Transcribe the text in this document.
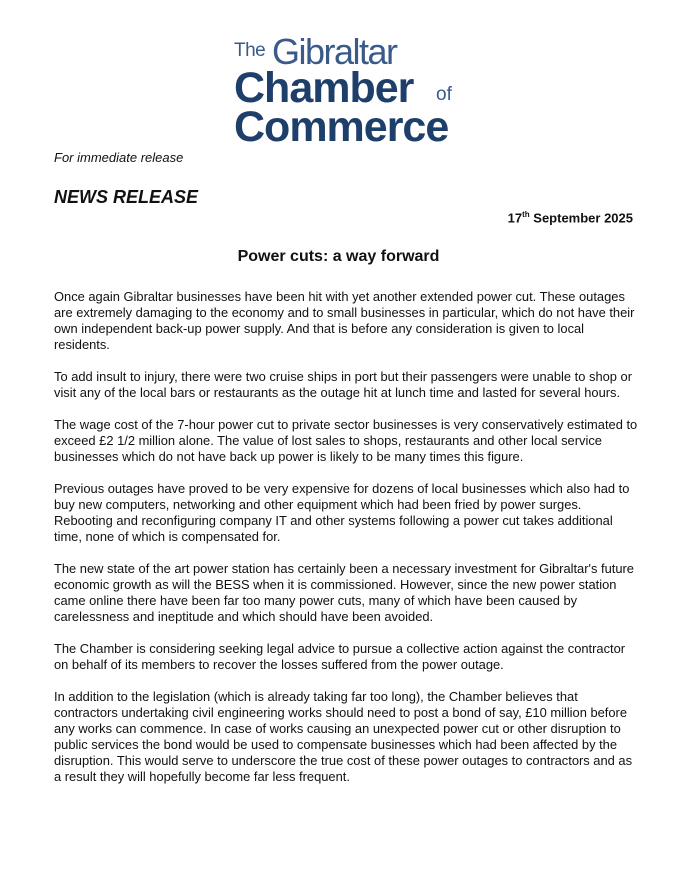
The Gibraltar
Chamber of
Commerce
For immediate release
NEWS RELEASE
17th September 2025
Power cuts: a way forward

Once again Gibraltar businesses have been hit with yet another extended power cut. These outages are extremely damaging to the economy and to small businesses in particular, which do not have their own independent back-up power supply. And that is before any consideration is given to local residents.

To add insult to injury, there were two cruise ships in port but their passengers were unable to shop or visit any of the local bars or restaurants as the outage hit at lunch time and lasted for several hours.

The wage cost of the 7-hour power cut to private sector businesses is very conservatively estimated to exceed £2 1/2 million alone. The value of lost sales to shops, restaurants and other local service businesses which do not have back up power is likely to be many times this figure.

Previous outages have proved to be very expensive for dozens of local businesses which also had to buy new computers, networking and other equipment which had been fried by power surges. Rebooting and reconfiguring company IT and other systems following a power cut takes additional time, none of which is compensated for.

The new state of the art power station has certainly been a necessary investment for Gibraltar's future economic growth as will the BESS when it is commissioned. However, since the new power station came online there have been far too many power cuts, many of which have been caused by carelessness and ineptitude and which should have been avoided.

The Chamber is considering seeking legal advice to pursue a collective action against the contractor on behalf of its members to recover the losses suffered from the power outage.

In addition to the legislation (which is already taking far too long), the Chamber believes that contractors undertaking civil engineering works should need to post a bond of say, £10 million before any works can commence. In case of works causing an unexpected power cut or other disruption to public services the bond would be used to compensate businesses which had been affected by the disruption. This would serve to underscore the true cost of these power outages to contractors and as a result they will hopefully become far less frequent.
